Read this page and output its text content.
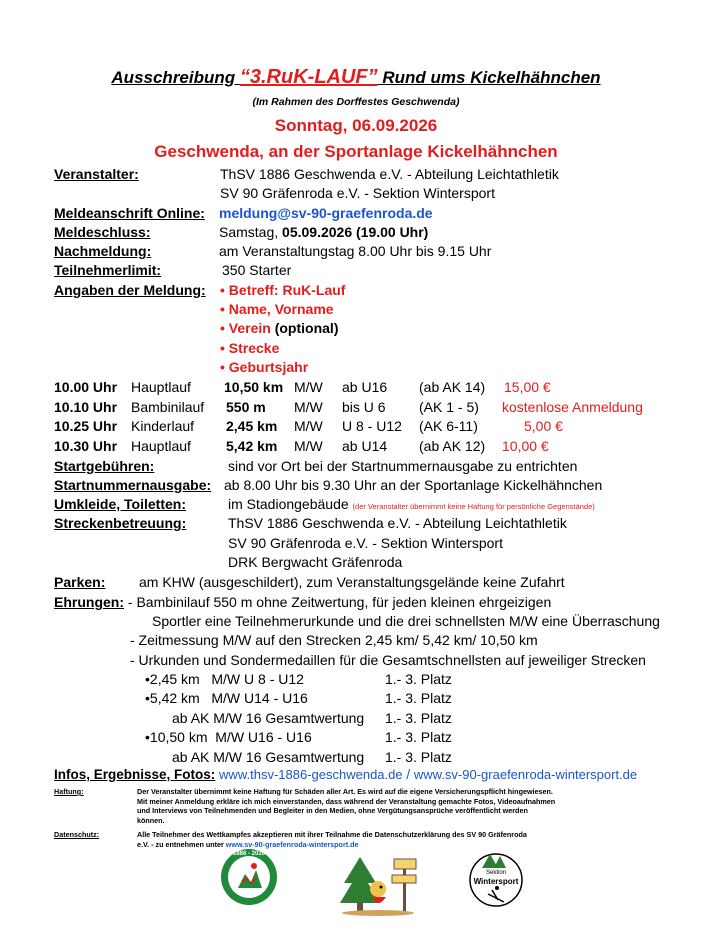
Ausschreibung “3.RuK-LAUF” Rund ums Kickelhähnchen
(Im Rahmen des Dorffestes Geschwenda)
Sonntag, 06.09.2026
Geschwenda, an der Sportanlage Kickelhähnchen
Veranstalter:	ThSV 1886 Geschwenda e.V. - Abteilung Leichtathletik
SV 90 Gräfenroda e.V. - Sektion Wintersport
Meldeanschrift Online: meldung@sv-90-graefenroda.de
Meldeschluss:	Samstag, 05.09.2026 (19.00 Uhr)
Nachmeldung:	am Veranstaltungstag 8.00 Uhr bis 9.15 Uhr
Teilnehmerlimit:	350 Starter
Angaben der Meldung: • Betreff: RuK-Lauf
• Name, Vorname
• Verein (optional)
• Strecke
• Geburtsjahr
10.00 Uhr Hauptlauf 10,50 km M/W ab U16 (ab AK 14) 15,00 €
10.10 Uhr Bambinilauf 550 m M/W bis U 6 (AK 1 - 5) kostenlose Anmeldung
10.25 Uhr Kinderlauf 2,45 km M/W U 8 - U12 (AK 6-11)	5,00 €
10.30 Uhr Hauptlauf	5,42 km M/W ab U14 (ab AK 12) 10,00 €
Startgebühren:	sind vor Ort bei der Startnummernausgabe zu entrichten
Startnummernausgabe: ab 8.00 Uhr bis 9.30 Uhr an der Sportanlage Kickelhähnchen
Umkleide, Toiletten:	im Stadiongebäude (der Veranstalter übernimmt keine Haftung für persönliche Gegenstände)
Streckenbetreuung:	ThSV 1886 Geschwenda e.V. - Abteilung Leichtathletik
SV 90 Gräfenroda e.V. - Sektion Wintersport
DRK Bergwacht Gräfenroda
Parken: am KHW (ausgeschildert), zum Veranstaltungsgelände keine Zufahrt
Ehrungen: - Bambinilauf 550 m ohne Zeitwertung, für jeden kleinen ehrgeizigen
Sportler eine Teilnehmerurkunde und die drei schnellsten M/W eine Überraschung
- Zeitmessung M/W auf den Strecken 2,45 km/ 5,42 km/ 10,50 km
- Urkunden und Sondermedaillen für die Gesamtschnellsten auf jeweiliger Strecken
•2,45 km   M/W U 8 - U12	1.- 3. Platz
•5,42 km   M/W U14 - U16	1.- 3. Platz
ab AK M/W 16 Gesamtwertung 1.- 3. Platz
•10,50 km  M/W U16 - U16	1.- 3. Platz
ab AK M/W 16 Gesamtwertung 1.- 3. Platz
Infos, Ergebnisse, Fotos: www.thsv-1886-geschwenda.de / www.sv-90-graefenroda-wintersport.de
Haftung:	Der Veranstalter übernimmt keine Haftung für Schäden aller Art. Es wird auf die eigene Versicherungspflicht hingewiesen. Mit meiner Anmeldung erkläre ich mich einverstanden, dass während der Veranstaltung gemachte Fotos, Videoaufnahmen und Interviews von Teilnehmenden und Begleiter in den Medien, ohne Vergütungsansprüche veröffentlicht werden können.
Datenschutz:	Alle Teilnehmer des Wettkampfes akzeptieren mit ihrer Teilnahme die Datenschutzerklärung des SV 90 Gräfenroda e.V. - zu entnehmen unter www.sv-90-graefenroda-wintersport.de
1886 - 2026
Sektion
Wintersport
